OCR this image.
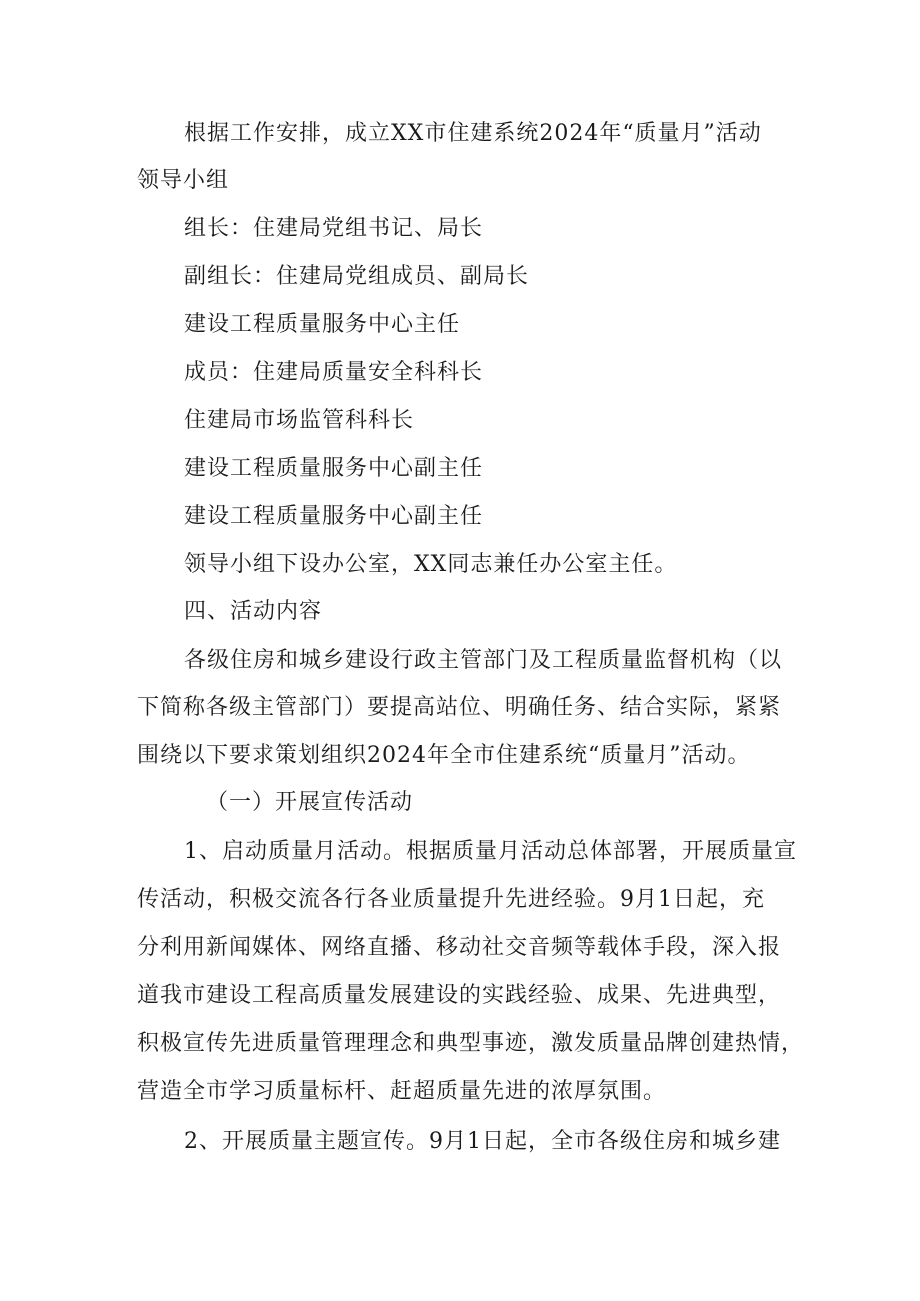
根据工作安排，成立XX市住建系统2024年“质量月”活动
领导小组
组长：住建局党组书记、局长
副组长：住建局党组成员、副局长
建设工程质量服务中心主任
成员：住建局质量安全科科长
住建局市场监管科科长
建设工程质量服务中心副主任
建设工程质量服务中心副主任
领导小组下设办公室，XX同志兼任办公室主任。
四、活动内容
各级住房和城乡建设行政主管部门及工程质量监督机构（以
下简称各级主管部门）要提高站位、明确任务、结合实际，紧紧
围绕以下要求策划组织2024年全市住建系统“质量月”活动。
（一）开展宣传活动
1、启动质量月活动。根据质量月活动总体部署，开展质量宣
传活动，积极交流各行各业质量提升先进经验。9月1日起，充
分利用新闻媒体、网络直播、移动社交音频等载体手段，深入报
道我市建设工程高质量发展建设的实践经验、成果、先进典型，
积极宣传先进质量管理理念和典型事迹，激发质量品牌创建热情，
营造全市学习质量标杆、赶超质量先进的浓厚氛围。
2、开展质量主题宣传。9月1日起，全市各级住房和城乡建
